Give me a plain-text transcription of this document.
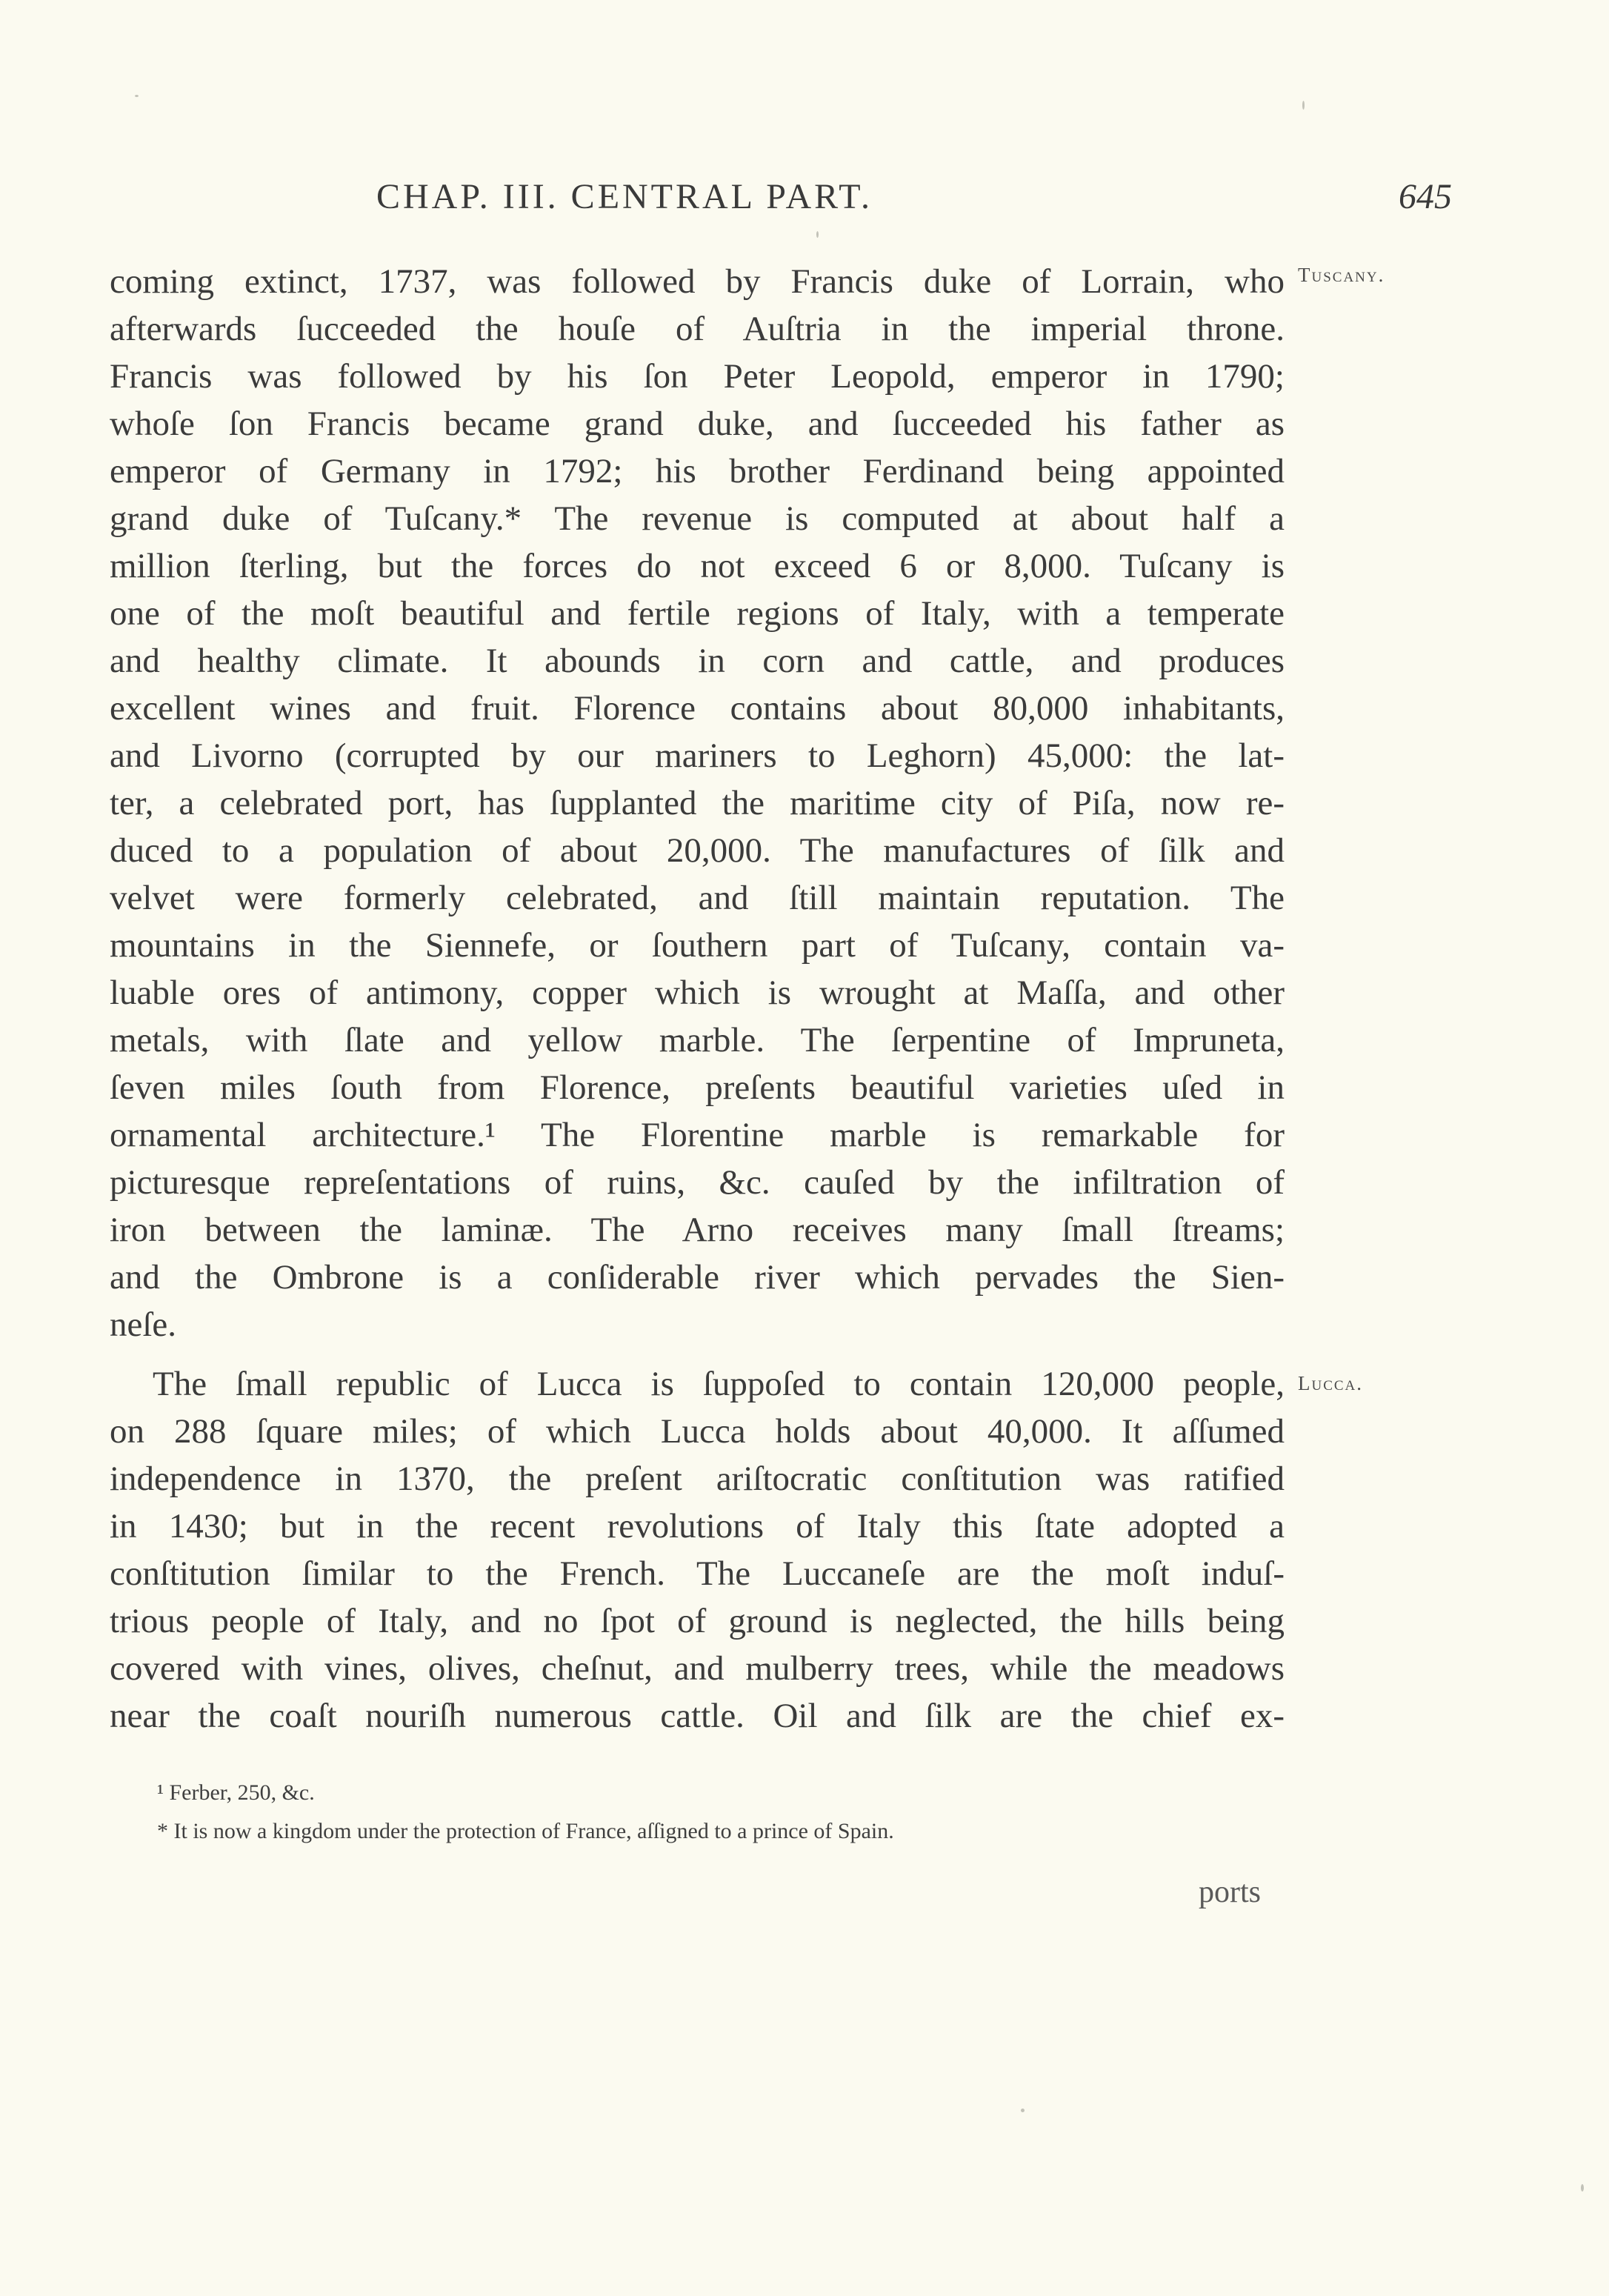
CHAP. III. CENTRAL PART.	645
Tuscany.
Lucca.
coming extinct, 1737, was followed by Francis duke of Lorrain, who
afterwards ſucceeded the houſe of Auſtria in the imperial throne.
Francis was followed by his ſon Peter Leopold, emperor in 1790;
whoſe ſon Francis became grand duke, and ſucceeded his father as
emperor of Germany in 1792; his brother Ferdinand being appointed
grand duke of Tuſcany.* The revenue is computed at about half a
million ſterling, but the forces do not exceed 6 or 8,000. Tuſcany is
one of the moſt beautiful and fertile regions of Italy, with a temperate
and healthy climate. It abounds in corn and cattle, and produces
excellent wines and fruit. Florence contains about 80,000 inhabitants,
and Livorno (corrupted by our mariners to Leghorn) 45,000: the lat-
ter, a celebrated port, has ſupplanted the maritime city of Piſa, now re-
duced to a population of about 20,000. The manufactures of ſilk and
velvet were formerly celebrated, and ſtill maintain reputation. The
mountains in the Siennefe, or ſouthern part of Tuſcany, contain va-
luable ores of antimony, copper which is wrought at Maſſa, and other
metals, with ſlate and yellow marble. The ſerpentine of Impruneta,
ſeven miles ſouth from Florence, preſents beautiful varieties uſed in
ornamental architecture.¹ The Florentine marble is remarkable for
picturesque repreſentations of ruins, &c. cauſed by the infiltration of
iron between the laminæ. The Arno receives many ſmall ſtreams;
and the Ombrone is a conſiderable river which pervades the Sien-
neſe.
The ſmall republic of Lucca is ſuppoſed to contain 120,000 people,
on 288 ſquare miles; of which Lucca holds about 40,000. It aſſumed
independence in 1370, the preſent ariſtocratic conſtitution was ratified
in 1430; but in the recent revolutions of Italy this ſtate adopted a
conſtitution ſimilar to the French. The Luccaneſe are the moſt induſ-
trious people of Italy, and no ſpot of ground is neglected, the hills being
covered with vines, olives, cheſnut, and mulberry trees, while the meadows
near the coaſt nouriſh numerous cattle. Oil and ſilk are the chief ex-
¹ Ferber, 250, &c.
* It is now a kingdom under the protection of France, aſſigned to a prince of Spain.
ports
